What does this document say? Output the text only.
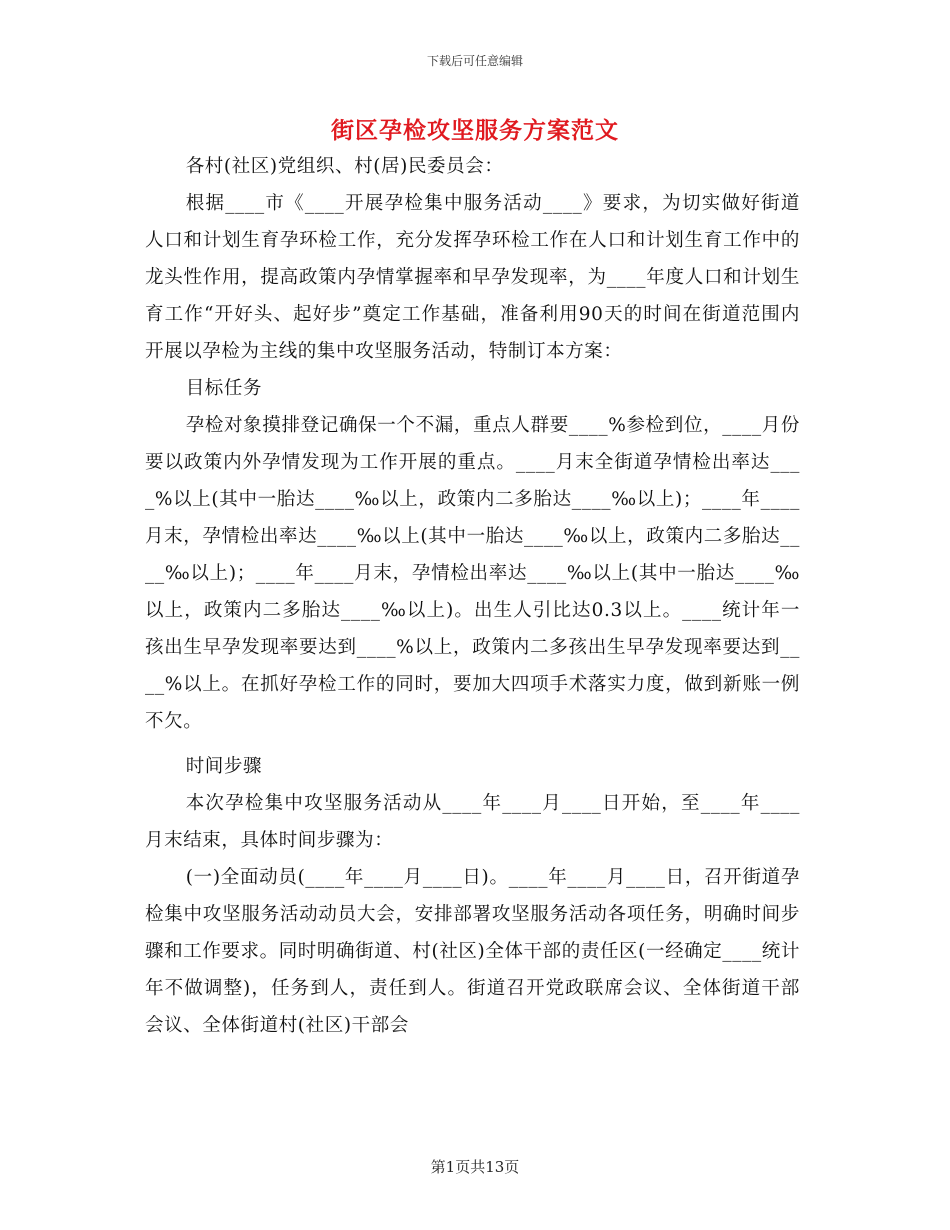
下载后可任意编辑
街区孕检攻坚服务方案范文

各村(社区)党组织、村(居)民委员会：

根据____市《____开展孕检集中服务活动____》要求，为切实做好街道人口和计划生育孕环检工作，充分发挥孕环检工作在人口和计划生育工作中的龙头性作用，提高政策内孕情掌握率和早孕发现率，为____年度人口和计划生育工作“开好头、起好步”奠定工作基础，准备利用90天的时间在街道范围内开展以孕检为主线的集中攻坚服务活动，特制订本方案：

目标任务

孕检对象摸排登记确保一个不漏，重点人群要____%参检到位，____月份要以政策内外孕情发现为工作开展的重点。____月末全街道孕情检出率达____%以上(其中一胎达____‰以上，政策内二多胎达____‰以上)；____年____月末，孕情检出率达____‰以上(其中一胎达____‰以上，政策内二多胎达____‰以上)；____年____月末，孕情检出率达____‰以上(其中一胎达____‰以上，政策内二多胎达____‰以上)。出生人引比达0.3以上。____统计年一孩出生早孕发现率要达到____%以上，政策内二多孩出生早孕发现率要达到____%以上。在抓好孕检工作的同时，要加大四项手术落实力度，做到新账一例不欠。

时间步骤

本次孕检集中攻坚服务活动从____年____月____日开始，至____年____月末结束，具体时间步骤为：

(一)全面动员(____年____月____日)。____年____月____日，召开街道孕检集中攻坚服务活动动员大会，安排部署攻坚服务活动各项任务，明确时间步骤和工作要求。同时明确街道、村(社区)全体干部的责任区(一经确定____统计年不做调整)，任务到人，责任到人。街道召开党政联席会议、全体街道干部会议、全体街道村(社区)干部会

第1页共13页
